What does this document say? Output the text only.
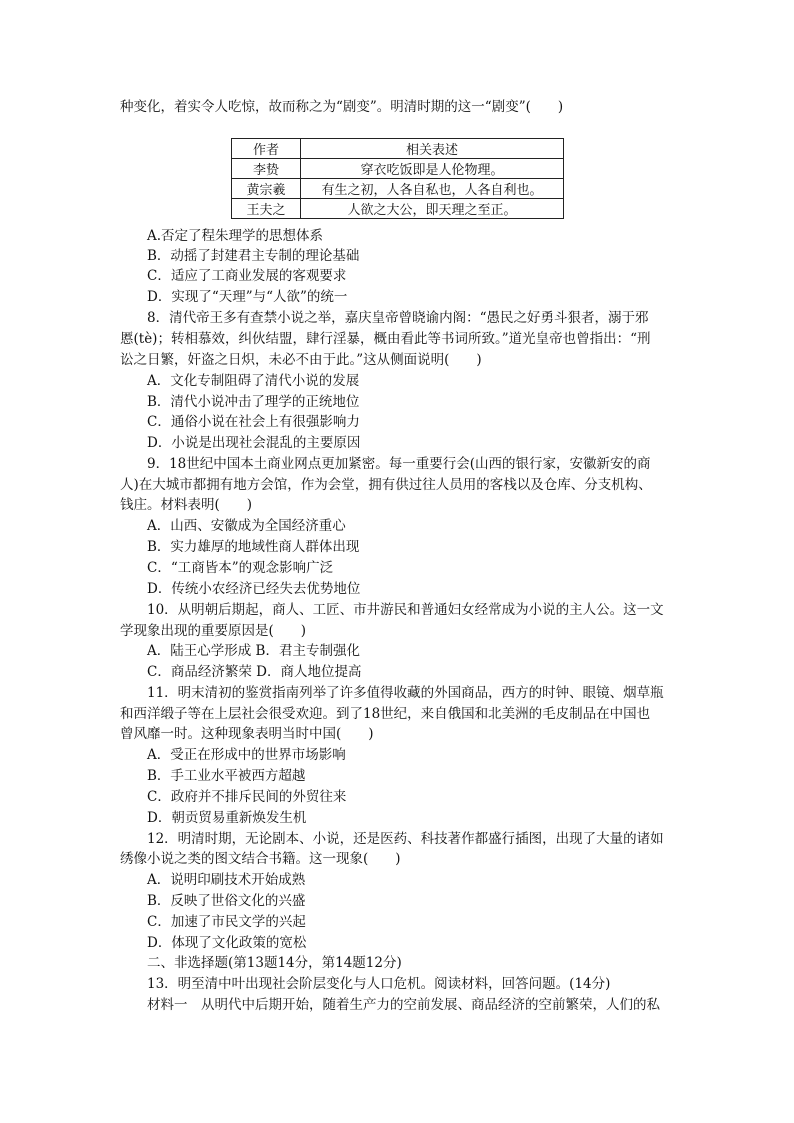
种变化，着实令人吃惊，故而称之为“剧变”。明清时期的这一“剧变”(　　)
作者	相关表述
李贽	穿衣吃饭即是人伦物理。
黄宗羲	有生之初，人各自私也，人各自利也。
王夫之	人欲之大公，即天理之至正。
A.否定了程朱理学的思想体系
B．动摇了封建君主专制的理论基础
C．适应了工商业发展的客观要求
D．实现了“天理”与“人欲”的统一
8．清代帝王多有查禁小说之举，嘉庆皇帝曾晓谕内阁：“愚民之好勇斗狠者，溺于邪
慝(tè)；转相慕效，纠伙结盟，肆行淫暴，概由看此等书词所致。”道光皇帝也曾指出：“刑
讼之日繁，奸盗之日炽，未必不由于此。”这从侧面说明(　　)
A．文化专制阻碍了清代小说的发展
B．清代小说冲击了理学的正统地位
C．通俗小说在社会上有很强影响力
D．小说是出现社会混乱的主要原因
9．18世纪中国本土商业网点更加紧密。每一重要行会(山西的银行家，安徽新安的商
人)在大城市都拥有地方会馆，作为会堂，拥有供过往人员用的客栈以及仓库、分支机构、
钱庄。材料表明(　　)
A．山西、安徽成为全国经济重心
B．实力雄厚的地域性商人群体出现
C．“工商皆本”的观念影响广泛
D．传统小农经济已经失去优势地位
10．从明朝后期起，商人、工匠、市井游民和普通妇女经常成为小说的主人公。这一文
学现象出现的重要原因是(　　)
A．陆王心学形成 B．君主专制强化
C．商品经济繁荣 D．商人地位提高
11．明末清初的鉴赏指南列举了许多值得收藏的外国商品，西方的时钟、眼镜、烟草瓶
和西洋缎子等在上层社会很受欢迎。到了18世纪，来自俄国和北美洲的毛皮制品在中国也
曾风靡一时。这种现象表明当时中国(　　)
A．受正在形成中的世界市场影响
B．手工业水平被西方超越
C．政府并不排斥民间的外贸往来
D．朝贡贸易重新焕发生机
12．明清时期，无论剧本、小说，还是医药、科技著作都盛行插图，出现了大量的诸如
绣像小说之类的图文结合书籍。这一现象(　　)
A．说明印刷技术开始成熟
B．反映了世俗文化的兴盛
C．加速了市民文学的兴起
D．体现了文化政策的宽松
二、非选择题(第13题14分，第14题12分)
13．明至清中叶出现社会阶层变化与人口危机。阅读材料，回答问题。(14分)
材料一　从明代中后期开始，随着生产力的空前发展、商品经济的空前繁荣，人们的私
